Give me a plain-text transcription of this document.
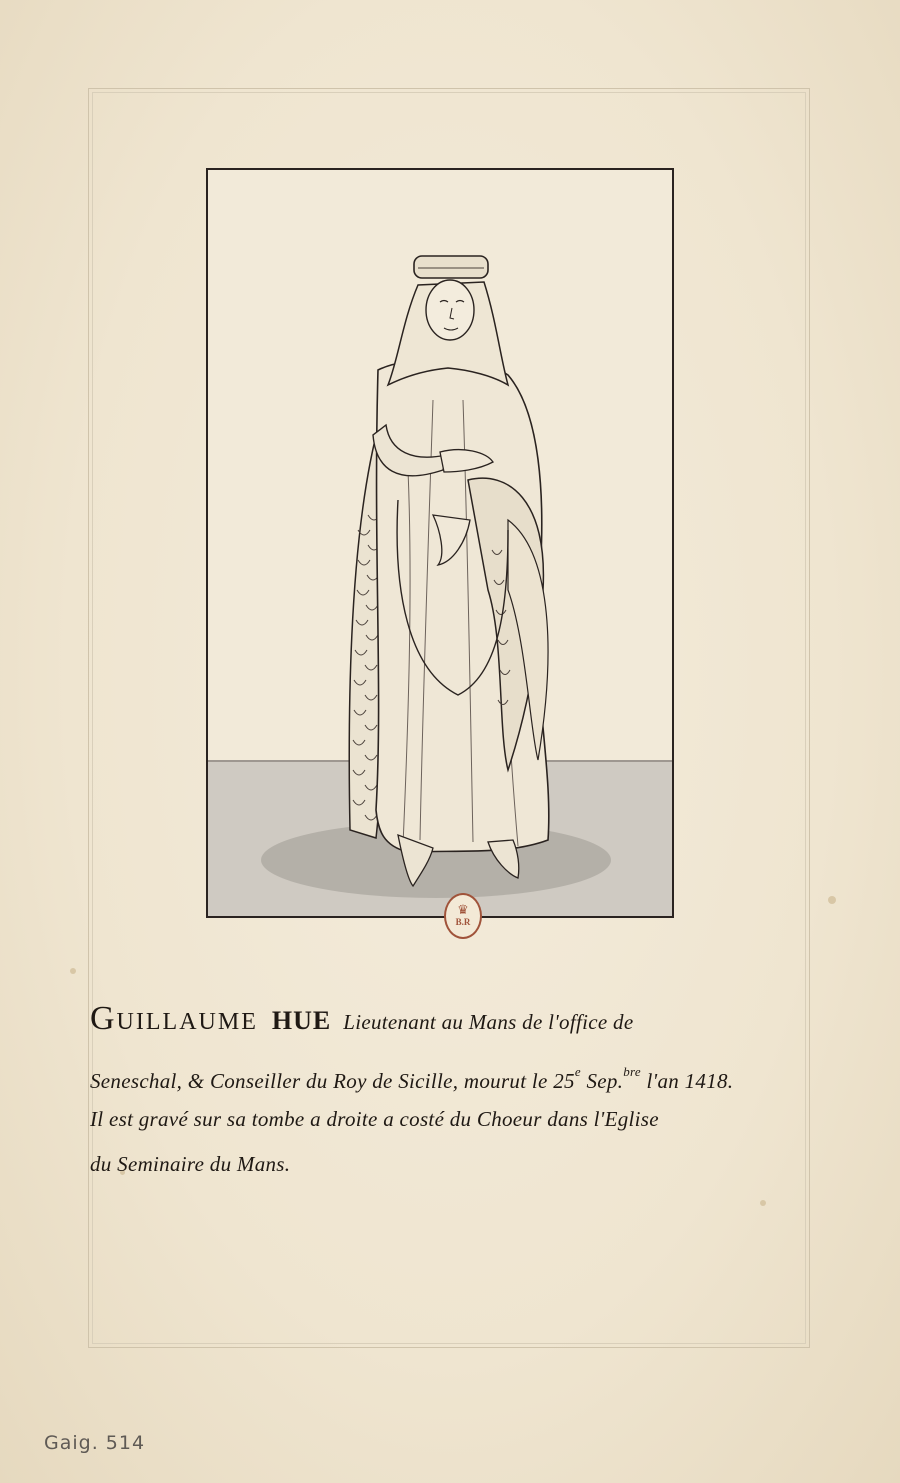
♛
B.R
Guillaume HUE Lieutenant au Mans de l'office de
Seneschal, & Conseiller du Roy de Sicille, mourut le 25e Sep.$^{bre}$ l'an 1418.
Il est gravé sur sa tombe a droite a costé du Choeur dans l'Eglise
du Seminaire du Mans.
Gaig. 514
